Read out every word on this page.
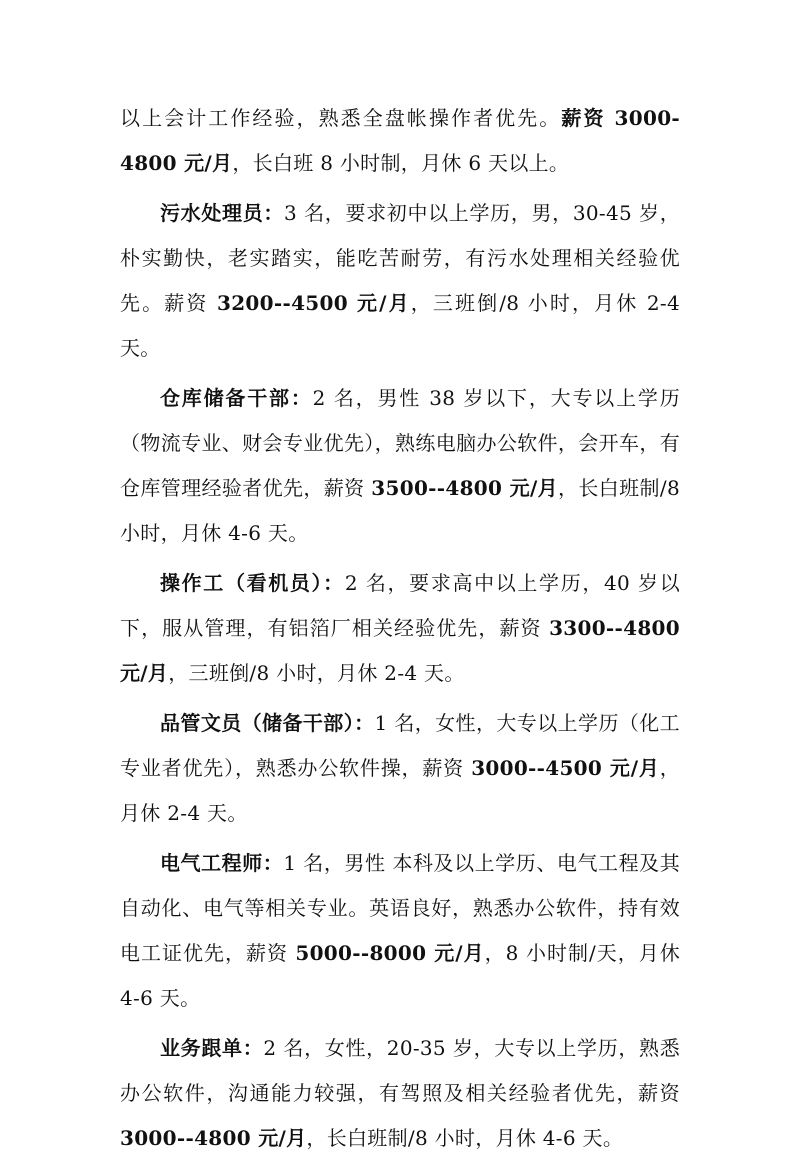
以上会计工作经验，熟悉全盘帐操作者优先。薪资 3000-4800 元/月，长白班 8 小时制，月休 6 天以上。

污水处理员：3 名，要求初中以上学历，男，30-45 岁，朴实勤快，老实踏实，能吃苦耐劳，有污水处理相关经验优先。薪资 3200--4500 元/月，三班倒/8 小时，月休 2-4 天。

仓库储备干部：2 名，男性 38 岁以下，大专以上学历（物流专业、财会专业优先），熟练电脑办公软件，会开车，有仓库管理经验者优先，薪资 3500--4800 元/月，长白班制/8 小时，月休 4-6 天。

操作工（看机员）：2 名，要求高中以上学历，40 岁以下，服从管理，有铝箔厂相关经验优先，薪资 3300--4800 元/月，三班倒/8 小时，月休 2-4 天。

品管文员（储备干部）：1 名，女性，大专以上学历（化工专业者优先），熟悉办公软件操，薪资 3000--4500 元/月，月休 2-4 天。

电气工程师：1 名，男性 本科及以上学历、电气工程及其自动化、电气等相关专业。英语良好，熟悉办公软件，持有效电工证优先，薪资 5000--8000 元/月，8 小时制/天，月休 4-6 天。

业务跟单：2 名，女性，20-35 岁，大专以上学历，熟悉办公软件，沟通能力较强，有驾照及相关经验者优先，薪资 3000--4800 元/月，长白班制/8 小时，月休 4-6 天。
